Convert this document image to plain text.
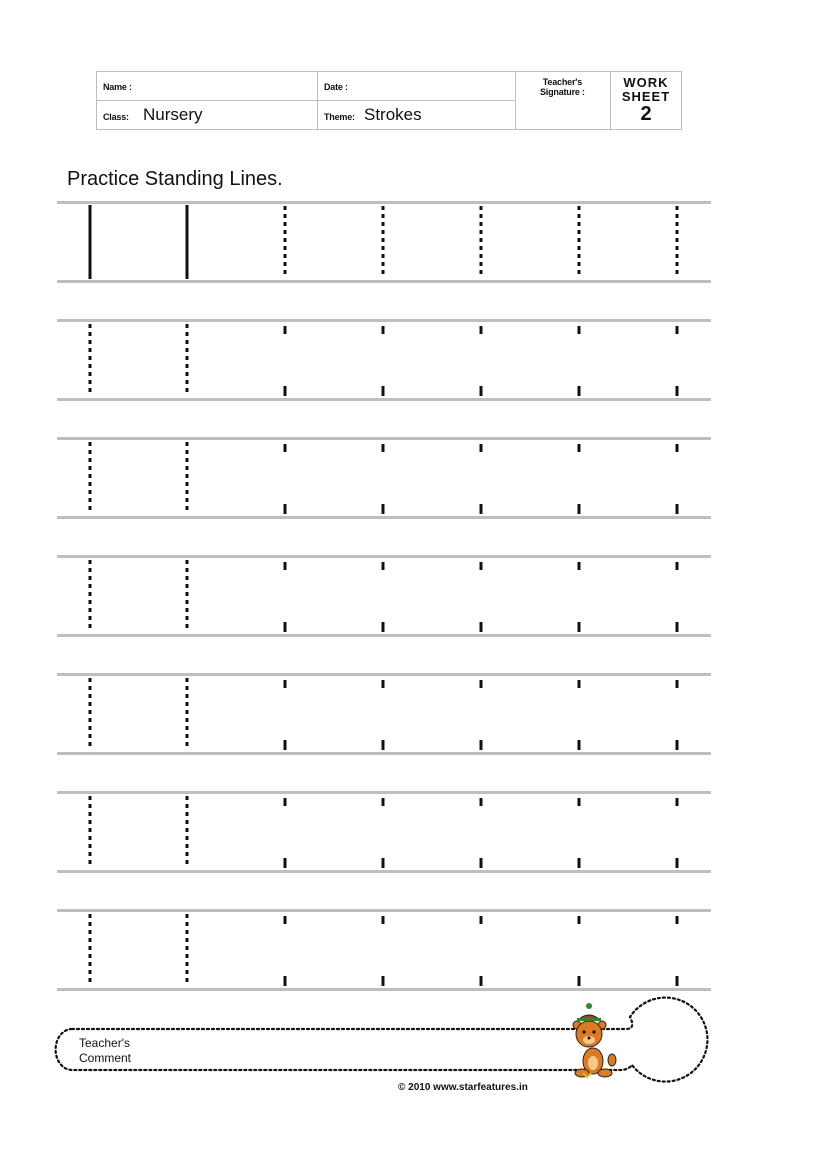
Name :	Date :
Class: Nursery	Theme: Strokes
Teacher's
Signature :
WORK
SHEET
2
Practice Standing Lines.
Teacher's
Comment
© 2010 www.starfeatures.in
